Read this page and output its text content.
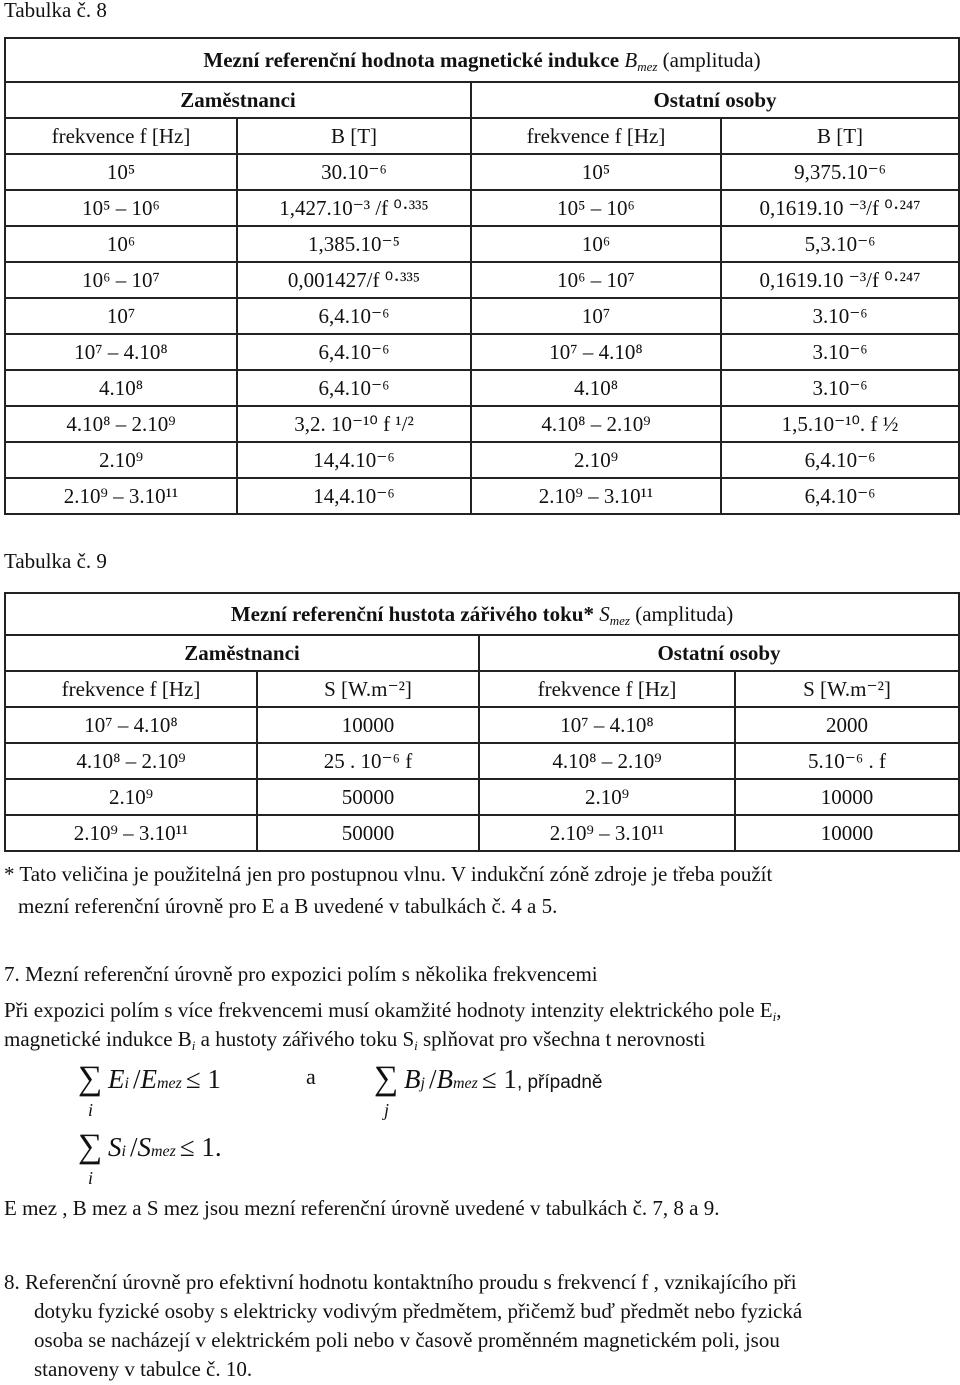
Tabulka č. 8
Mezní referenční hodnota magnetické indukce $B_{mez}$ (amplituda)			
Zaměstnanci		Ostatní osoby	
frekvence f [Hz]	B [T]	frekvence f [Hz]	B [T]
10⁵	30.10⁻⁶	10⁵	9,375.10⁻⁶
10⁵ – 10⁶	1,427.10⁻³ /f ⁰·³³⁵	10⁵ – 10⁶	0,1619.10 ⁻³/f ⁰·²⁴⁷
10⁶	1,385.10⁻⁵	10⁶	5,3.10⁻⁶
10⁶ – 10⁷	0,001427/f ⁰·³³⁵	10⁶ – 10⁷	0,1619.10 ⁻³/f ⁰·²⁴⁷
10⁷	6,4.10⁻⁶	10⁷	3.10⁻⁶
10⁷ – 4.10⁸	6,4.10⁻⁶	10⁷ – 4.10⁸	3.10⁻⁶
4.10⁸	6,4.10⁻⁶	4.10⁸	3.10⁻⁶
4.10⁸ – 2.10⁹	3,2. 10⁻¹⁰ f ¹/²	4.10⁸ – 2.10⁹	1,5.10⁻¹⁰. f ½
2.10⁹	14,4.10⁻⁶	2.10⁹	6,4.10⁻⁶
2.10⁹ – 3.10¹¹	14,4.10⁻⁶	2.10⁹ – 3.10¹¹	6,4.10⁻⁶
Tabulka č. 9
Mezní referenční hustota zářivého toku* $S_{mez}$ (amplituda)			
Zaměstnanci		Ostatní osoby	
frekvence f [Hz]	S [W.m⁻²]	frekvence f [Hz]	S [W.m⁻²]
10⁷ – 4.10⁸	10000	10⁷ – 4.10⁸	2000
4.10⁸ – 2.10⁹	25 . 10⁻⁶ f	4.10⁸ – 2.10⁹	5.10⁻⁶ . f
2.10⁹	50000	2.10⁹	10000
2.10⁹ – 3.10¹¹	50000	2.10⁹ – 3.10¹¹	10000
* Tato veličina je použitelná jen pro postupnou vlnu. V indukční zóně zdroje je třeba použít
mezní referenční úrovně pro E a B uvedené v tabulkách č. 4 a 5.
7. Mezní referenční úrovně pro expozici polím s několika frekvencemi
Při expozici polím s více frekvencemi musí okamžité hodnoty intenzity elektrického pole $E_i$,
magnetické indukce $B_i$ a hustoty zářivého toku $S_i$ splňovat pro všechna t nerovnosti
∑ Ei /Emez ≤ 1
i
a ∑ Bj /Bmez ≤ 1, případně
j
∑ Si /Smez ≤ 1.
i
E mez , B mez a S mez jsou mezní referenční úrovně uvedené v tabulkách č. 7, 8 a 9.
8. Referenční úrovně pro efektivní hodnotu kontaktního proudu s frekvencí f , vznikajícího při
dotyku fyzické osoby s elektricky vodivým předmětem, přičemž buď předmět nebo fyzická
osoba se nacházejí v elektrickém poli nebo v časově proměnném magnetickém poli, jsou
stanoveny v tabulce č. 10.
